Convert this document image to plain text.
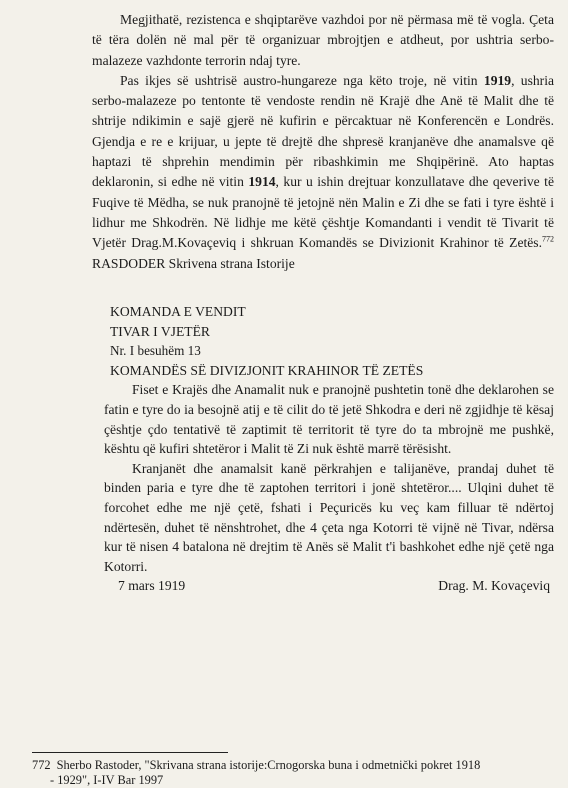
Megjithatë, rezistenca e shqiptarëve vazhdoi por në përmasa më të vogla. Çeta të tëra dolën në mal për të organizuar mbrojtjen e atdheut, por ushtria serbo-malazeze vazhdonte terrorin ndaj tyre.

Pas ikjes së ushtrisë austro-hungareze nga këto troje, në vitin 1919, ushria serbo-malazeze po tentonte të vendoste rendin në Krajë dhe Anë të Malit dhe të shtrije ndikimin e sajë gjerë në kufirin e përcaktuar në Konferencën e Londrës. Gjendja e re e krijuar, u jepte të drejtë dhe shpresë kranjanëve dhe anamalsve që haptazi të shprehin mendimin për ribashkimin me Shqipërinë. Ato haptas deklaronin, si edhe në vitin 1914, kur u ishin drejtuar konzullatave dhe qeverive të Fuqive të Mëdha, se nuk pranojnë të jetojnë nën Malin e Zi dhe se fati i tyre është i lidhur me Shkodrën. Në lidhje me këtë çështje Komandanti i vendit të Tivarit të Vjetër Drag.M.Kovaçeviq i shkruan Komandës se Divizionit Krahinor të Zetës.$^{772}$ RASDODER Skrivena strana Istorije

KOMANDA E VENDIT

TIVAR I VJETËR

Nr. I besuhëm 13

KOMANDËS SË DIVIZJONIT KRAHINOR TË ZETËS

Fiset e Krajës dhe Anamalit nuk e pranojnë pushtetin tonë dhe deklarohen se fatin e tyre do ia besojnë atij e të cilit do të jetë Shkodra e deri në zgjidhje të kësaj çështje çdo tentativë të zaptimit të territorit të tyre do ta mbrojnë me pushkë, kështu që kufiri shtetëror i Malit të Zi nuk është marrë tërësisht.

Kranjanët dhe anamalsit kanë përkrahjen e talijanëve, prandaj duhet të binden paria e tyre dhe të zaptohen territori i jonë shtetëror.... Ulqini duhet të forcohet edhe me një çetë, fshati i Peçuricës ku veç kam filluar të ndërtoj ndërtesën, duhet të nënshtrohet, dhe 4 çeta nga Kotorri të vijnë në Tivar, ndërsa kur të nisen 4 batalona në drejtim të Anës së Malit t'i bashkohet edhe një çetë nga Kotorri.

7 mars 1919	Drag. M. Kovaçeviq
772 Sherbo Rastoder, "Skrivana strana istorije:Crnogorska buna i odmetnički pokret 1918
- 1929", I-IV Bar 1997
